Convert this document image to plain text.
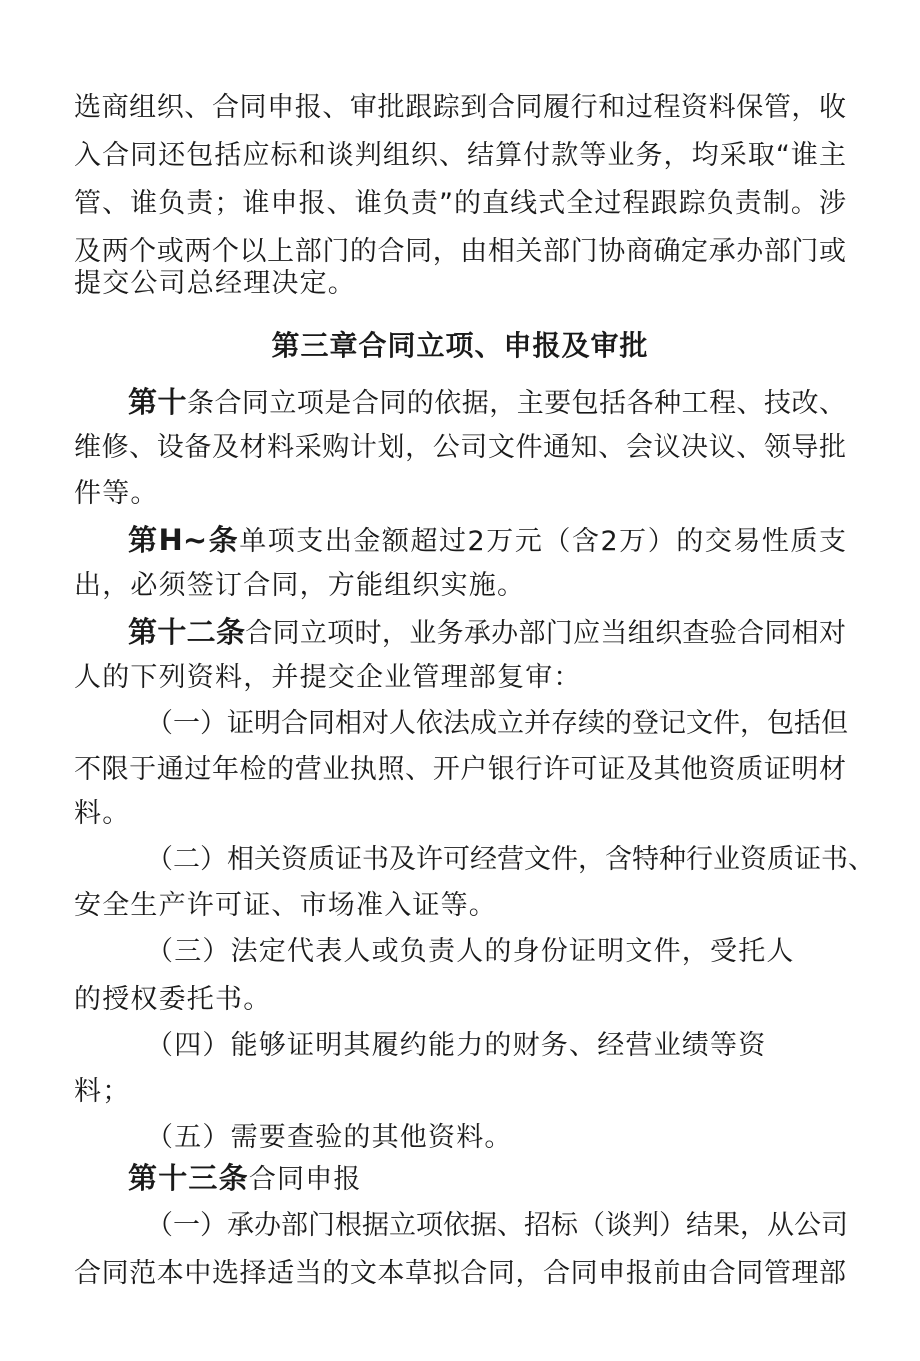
选商组织、合同申报、审批跟踪到合同履行和过程资料保管，收
入合同还包括应标和谈判组织、结算付款等业务，均采取“谁主
管、谁负责；谁申报、谁负责”的直线式全过程跟踪负责制。涉
及两个或两个以上部门的合同，由相关部门协商确定承办部门或
提交公司总经理决定。
第三章合同立项、申报及审批
第十条合同立项是合同的依据，主要包括各种工程、技改、
维修、设备及材料采购计划，公司文件通知、会议决议、领导批
件等。
第H~条单项支出金额超过2万元（含2万）的交易性质支
出，必须签订合同，方能组织实施。
第十二条合同立项时，业务承办部门应当组织查验合同相对
人的下列资料，并提交企业管理部复审：
（一）证明合同相对人依法成立并存续的登记文件，包括但
不限于通过年检的营业执照、开户银行许可证及其他资质证明材
料。
（二）相关资质证书及许可经营文件，含特种行业资质证书、
安全生产许可证、市场准入证等。
（三）法定代表人或负责人的身份证明文件，受托人
的授权委托书。
（四）能够证明其履约能力的财务、经营业绩等资
料；
（五）需要查验的其他资料。
第十三条合同申报
（一）承办部门根据立项依据、招标（谈判）结果，从公司
合同范本中选择适当的文本草拟合同，合同申报前由合同管理部
